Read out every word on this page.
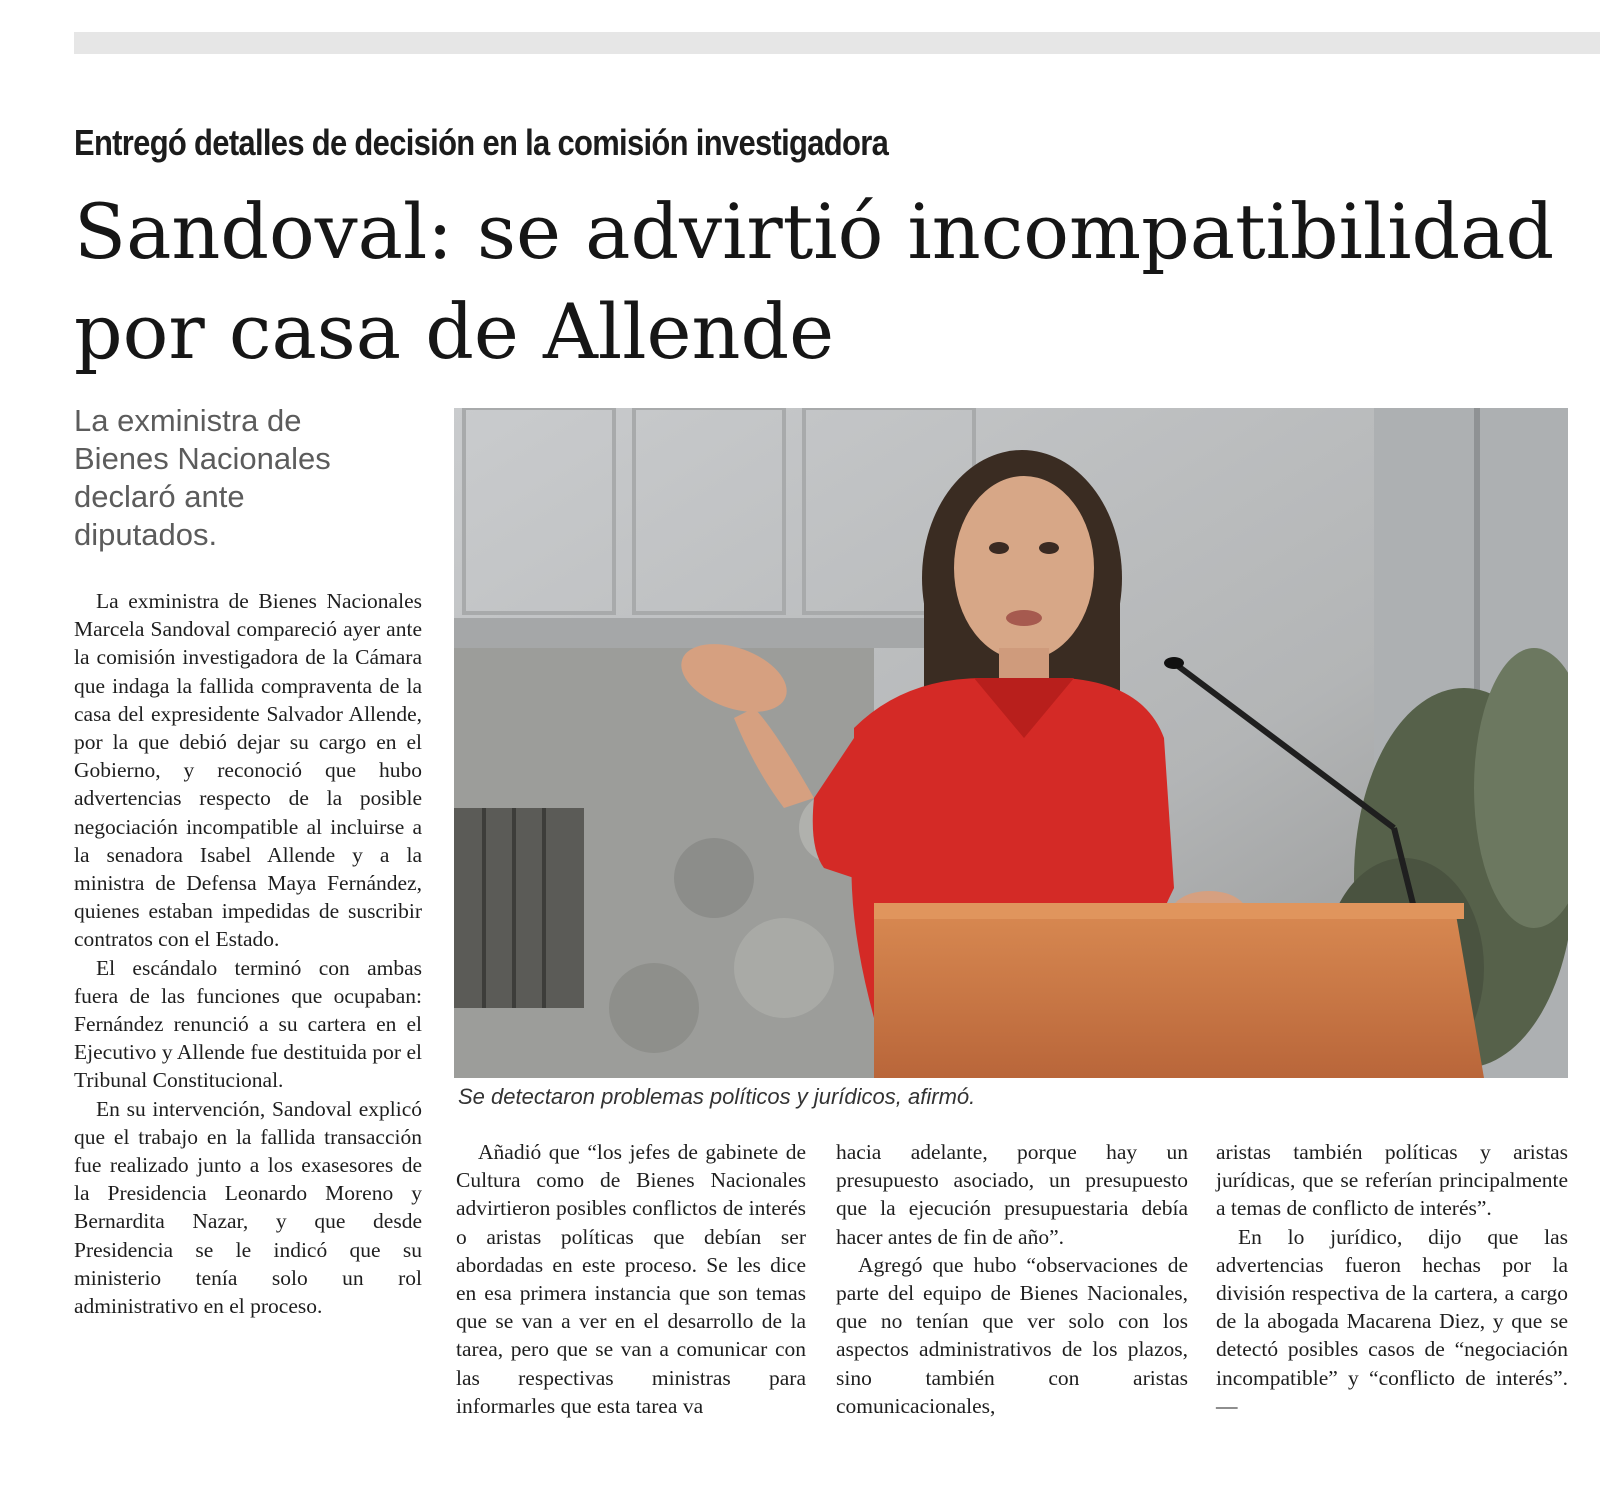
Entregó detalles de decisión en la comisión investigadora
Sandoval: se advirtió incompatibilidad
por casa de Allende
La exministra de
Bienes Nacionales
declaró ante
diputados.

La exministra de Bienes Nacionales Marcela Sandoval compareció ayer ante la comisión investigadora de la Cámara que indaga la fallida compraventa de la casa del expresidente Salvador Allende, por la que debió dejar su cargo en el Gobierno, y reconoció que hubo advertencias respecto de la posible negociación incompatible al incluirse a la senadora Isabel Allende y a la ministra de Defensa Maya Fernández, quienes estaban impedidas de suscribir contratos con el Estado.

El escándalo terminó con ambas fuera de las funciones que ocupaban: Fernández renunció a su cartera en el Ejecutivo y Allende fue destituida por el Tribunal Constitucional.

En su intervención, Sandoval explicó que el trabajo en la fallida transacción fue realizado junto a los exasesores de la Presidencia Leonardo Moreno y Bernardita Nazar, y que desde Presidencia se le indicó que su ministerio tenía solo un rol administrativo en el proceso.

Se detectaron problemas políticos y jurídicos, afirmó.

Añadió que “los jefes de gabinete de Cultura como de Bienes Nacionales advirtieron posibles conflictos de interés o aristas políticas que debían ser abordadas en este proceso. Se les dice en esa primera instancia que son temas que se van a ver en el desarrollo de la tarea, pero que se van a comunicar con las respectivas ministras para informarles que esta tarea va

hacia adelante, porque hay un presupuesto asociado, un presupuesto que la ejecución presupuestaria debía hacer antes de fin de año”.

Agregó que hubo “observaciones de parte del equipo de Bienes Nacionales, que no tenían que ver solo con los aspectos administrativos de los plazos, sino también con aristas comunicacionales,

aristas también políticas y aristas jurídicas, que se referían principalmente a temas de conflicto de interés”.

En lo jurídico, dijo que las advertencias fueron hechas por la división respectiva de la cartera, a cargo de la abogada Macarena Diez, y que se detectó posibles casos de “negociación incompatible” y “conflicto de interés”. —
